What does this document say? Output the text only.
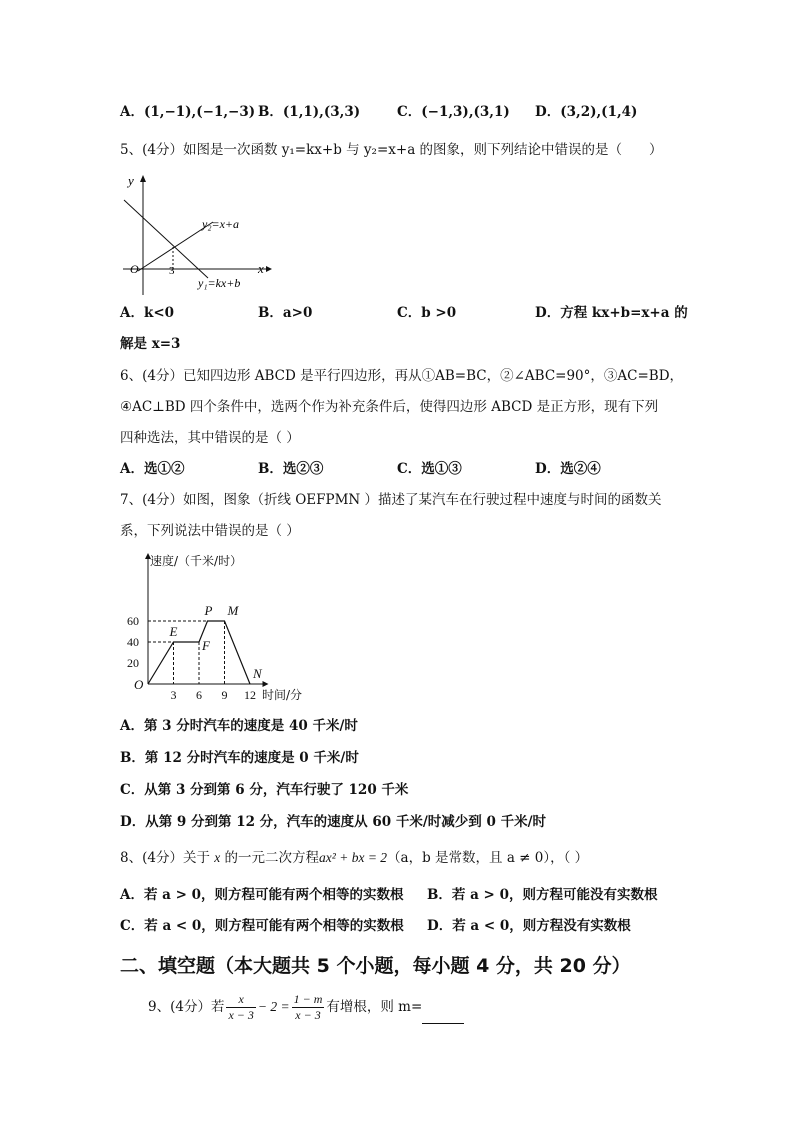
A．(1,−1),(−1,−3) B．(1,1),(3,3)	C．(−1,3),(3,1) D．(3,2),(1,4)
5、(4分）如图是一次函数 y₁=kx+b 与 y₂=x+a 的图象，则下列结论中错误的是（　　）
y
x
O	3
y₂=x+a
y₁=kx+b
A．k<0	B．a>0	C．b >0	D．方程 kx+b=x+a 的
解是 x=3
6、(4分）已知四边形 ABCD 是平行四边形，再从①AB=BC，②∠ABC=90°，③AC=BD，
④AC⊥BD 四个条件中，选两个作为补充条件后，使得四边形 ABCD 是正方形，现有下列
四种选法，其中错误的是（ ）
A．选①②	B．选②③	C．选①③	D．选②④
7、(4分）如图，图象（折线 OEFPMN ）描述了某汽车在行驶过程中速度与时间的函数关
系，下列说法中错误的是（ ）
速度/（千米/时）
时间/分
20
40
60
3 6 9 12
O
E
F
P M
N
A．第 3 分时汽车的速度是 40 千米/时
B．第 12 分时汽车的速度是 0 千米/时
C．从第 3 分到第 6 分，汽车行驶了 120 千米
D．从第 9 分到第 12 分，汽车的速度从 60 千米/时减少到 0 千米/时
8、(4分）关于 x 的一元二次方程ax² + bx = 2（a，b 是常数，且 a ≠ 0），（ ）
A．若 a > 0，则方程可能有两个相等的实数根 B．若 a > 0，则方程可能没有实数根
C．若 a < 0，则方程可能有两个相等的实数根 D．若 a < 0，则方程没有实数根
二、填空题（本大题共 5 个小题，每小题 4 分，共 20 分）
9、(4分）若 $\frac{x}{x - 3} - 2 = \frac{1 - m}{x - 3}$ 有增根，则 m=
